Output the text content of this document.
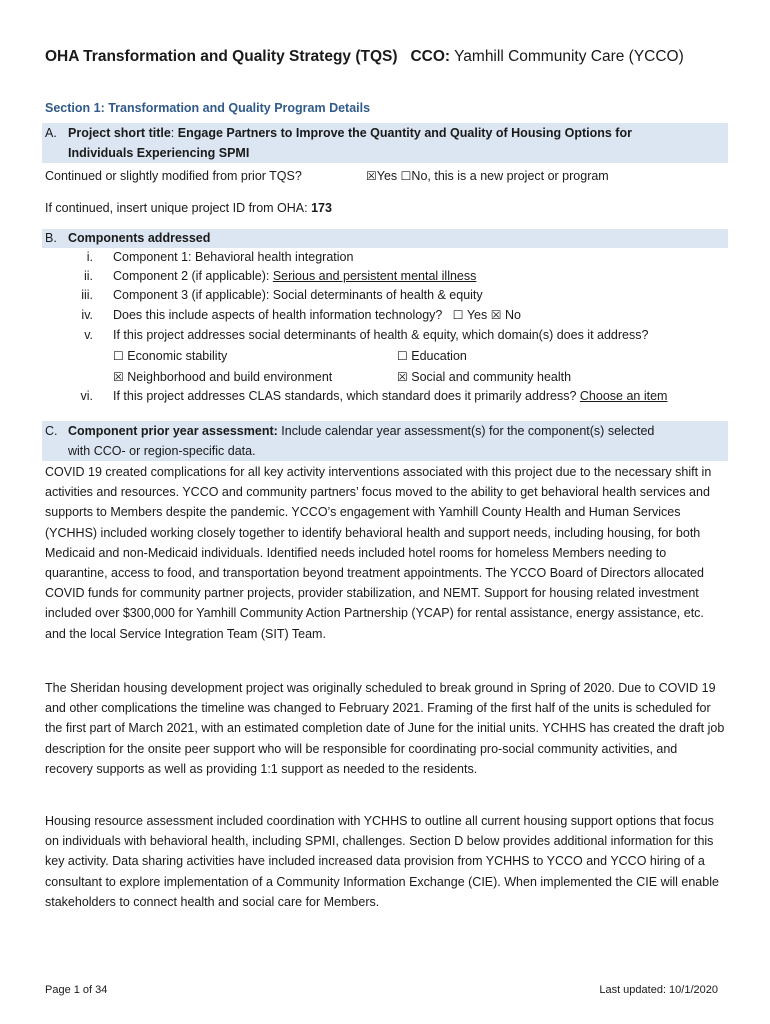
OHA Transformation and Quality Strategy (TQS) CCO: Yamhill Community Care (YCCO)
Section 1: Transformation and Quality Program Details
A. Project short title: Engage Partners to Improve the Quantity and Quality of Housing Options for
Individuals Experiencing SPMI
Continued or slightly modified from prior TQS?	☒Yes ☐No, this is a new project or program
If continued, insert unique project ID from OHA: 173
B. Components addressed
i. Component 1: Behavioral health integration
ii. Component 2 (if applicable): Serious and persistent mental illness
iii. Component 3 (if applicable): Social determinants of health & equity
iv. Does this include aspects of health information technology? ☐ Yes ☒ No
v. If this project addresses social determinants of health & equity, which domain(s) does it address?
☐ Economic stability	☐ Education
☒ Neighborhood and build environment	☒ Social and community health
vi. If this project addresses CLAS standards, which standard does it primarily address? Choose an item
C. Component prior year assessment: Include calendar year assessment(s) for the component(s) selected
with CCO- or region-specific data.
COVID 19 created complications for all key activity interventions associated with this project due to the necessary shift in activities and resources. YCCO and community partners’ focus moved to the ability to get behavioral health services and supports to Members despite the pandemic. YCCO’s engagement with Yamhill County Health and Human Services (YCHHS) included working closely together to identify behavioral health and support needs, including housing, for both Medicaid and non-Medicaid individuals. Identified needs included hotel rooms for homeless Members needing to quarantine, access to food, and transportation beyond treatment appointments. The YCCO Board of Directors allocated COVID funds for community partner projects, provider stabilization, and NEMT. Support for housing related investment included over $300,000 for Yamhill Community Action Partnership (YCAP) for rental assistance, energy assistance, etc. and the local Service Integration Team (SIT) Team.
The Sheridan housing development project was originally scheduled to break ground in Spring of 2020. Due to COVID 19 and other complications the timeline was changed to February 2021. Framing of the first half of the units is scheduled for the first part of March 2021, with an estimated completion date of June for the initial units. YCHHS has created the draft job description for the onsite peer support who will be responsible for coordinating pro-social community activities, and recovery supports as well as providing 1:1 support as needed to the residents.
Housing resource assessment included coordination with YCHHS to outline all current housing support options that focus on individuals with behavioral health, including SPMI, challenges. Section D below provides additional information for this key activity. Data sharing activities have included increased data provision from YCHHS to YCCO and YCCO hiring of a consultant to explore implementation of a Community Information Exchange (CIE). When implemented the CIE will enable stakeholders to connect health and social care for Members.
Page 1 of 34	Last updated: 10/1/2020
